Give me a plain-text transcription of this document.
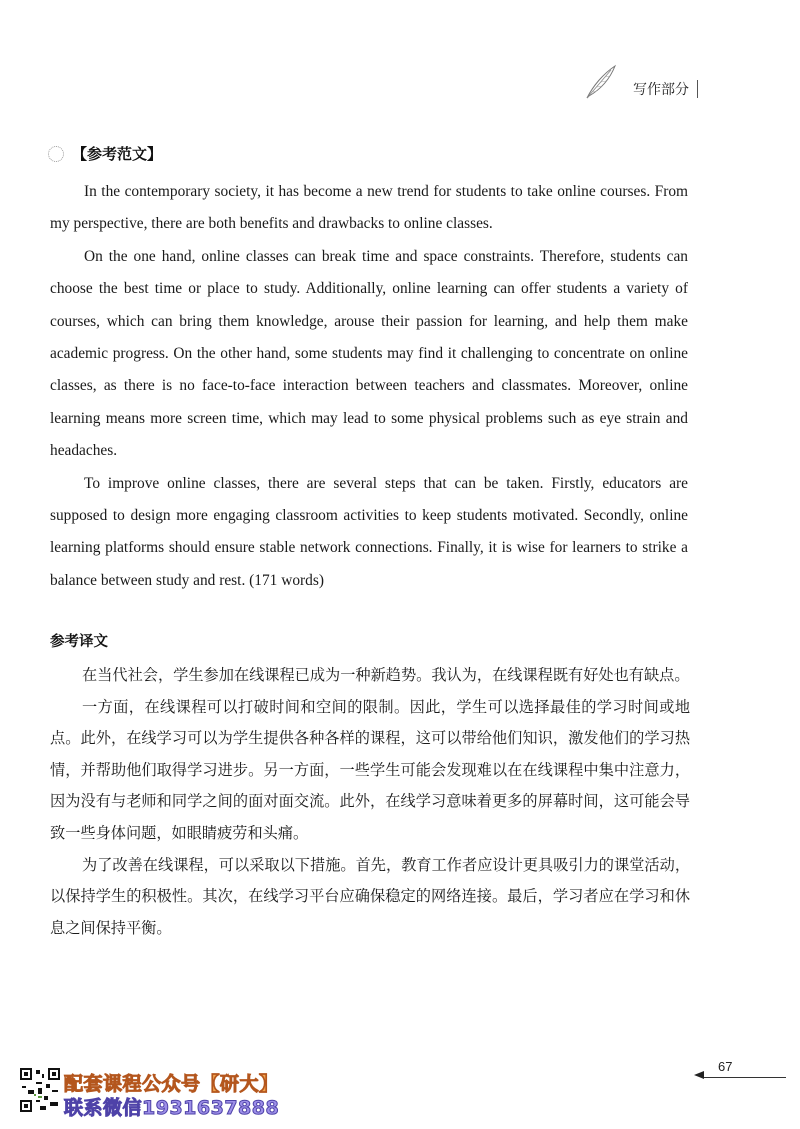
写作部分
【参考范文】

In the contemporary society, it has become a new trend for students to take online courses. From my perspective, there are both benefits and drawbacks to online classes.

On the one hand, online classes can break time and space constraints. Therefore, students can choose the best time or place to study. Additionally, online learning can offer students a variety of courses, which can bring them knowledge, arouse their passion for learning, and help them make academic progress. On the other hand, some students may find it challenging to concentrate on online classes, as there is no face-to-face interaction between teachers and classmates. Moreover, online learning means more screen time, which may lead to some physical problems such as eye strain and headaches.

To improve online classes, there are several steps that can be taken. Firstly, educators are supposed to design more engaging classroom activities to keep students motivated. Secondly, online learning platforms should ensure stable network connections. Finally, it is wise for learners to strike a balance between study and rest. (171 words)

参考译文

在当代社会，学生参加在线课程已成为一种新趋势。我认为，在线课程既有好处也有缺点。

一方面，在线课程可以打破时间和空间的限制。因此，学生可以选择最佳的学习时间或地点。此外，在线学习可以为学生提供各种各样的课程，这可以带给他们知识，激发他们的学习热情，并帮助他们取得学习进步。另一方面，一些学生可能会发现难以在在线课程中集中注意力，因为没有与老师和同学之间的面对面交流。此外，在线学习意味着更多的屏幕时间，这可能会导致一些身体问题，如眼睛疲劳和头痛。

为了改善在线课程，可以采取以下措施。首先，教育工作者应设计更具吸引力的课堂活动，以保持学生的积极性。其次，在线学习平台应确保稳定的网络连接。最后，学习者应在学习和休息之间保持平衡。

67
配套课程公众号【研大】
联系微信1931637888
